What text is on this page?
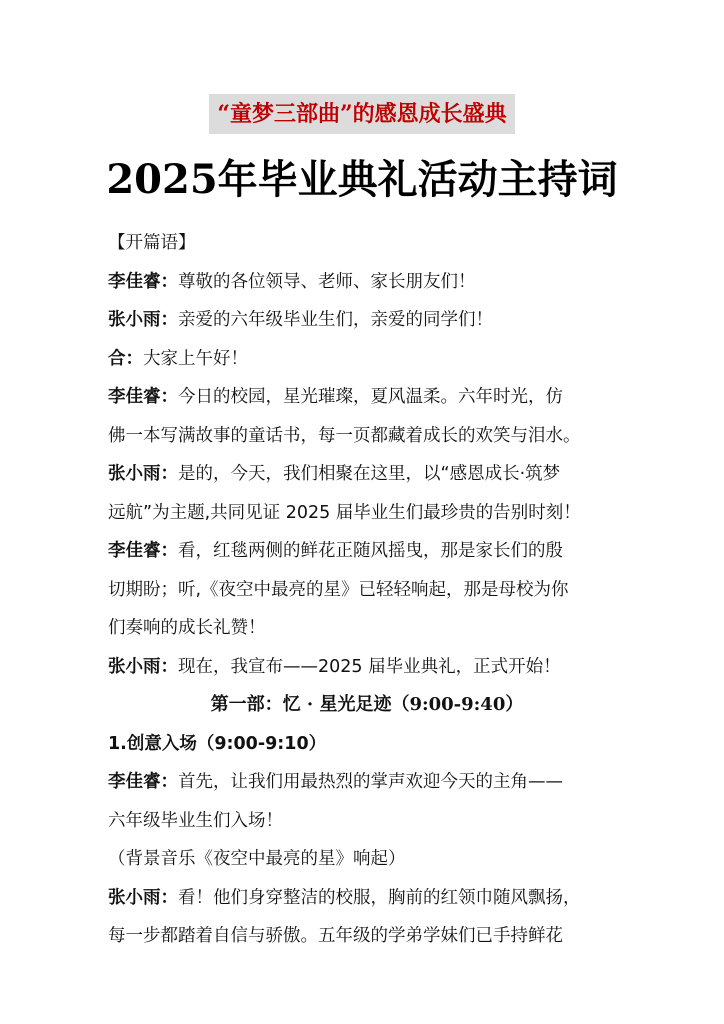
“童梦三部曲”的感恩成长盛典
2025年毕业典礼活动主持词
【开篇语】
李佳睿：尊敬的各位领导、老师、家长朋友们！
张小雨：亲爱的六年级毕业生们，亲爱的同学们！
合：大家上午好！
李佳睿：今日的校园，星光璀璨，夏风温柔。六年时光，仿
佛一本写满故事的童话书，每一页都藏着成长的欢笑与泪水。
张小雨：是的，今天，我们相聚在这里，以“感恩成长·筑梦
远航”为主题,共同见证 2025 届毕业生们最珍贵的告别时刻！
李佳睿：看，红毯两侧的鲜花正随风摇曳，那是家长们的殷
切期盼；听,《夜空中最亮的星》已轻轻响起，那是母校为你
们奏响的成长礼赞！
张小雨：现在，我宣布——2025 届毕业典礼，正式开始！
第一部：忆 · 星光足迹（9:00-9:40）
1.创意入场（9:00-9:10）
李佳睿：首先，让我们用最热烈的掌声欢迎今天的主角——
六年级毕业生们入场！
（背景音乐《夜空中最亮的星》响起）
张小雨：看！他们身穿整洁的校服，胸前的红领巾随风飘扬，
每一步都踏着自信与骄傲。五年级的学弟学妹们已手持鲜花
